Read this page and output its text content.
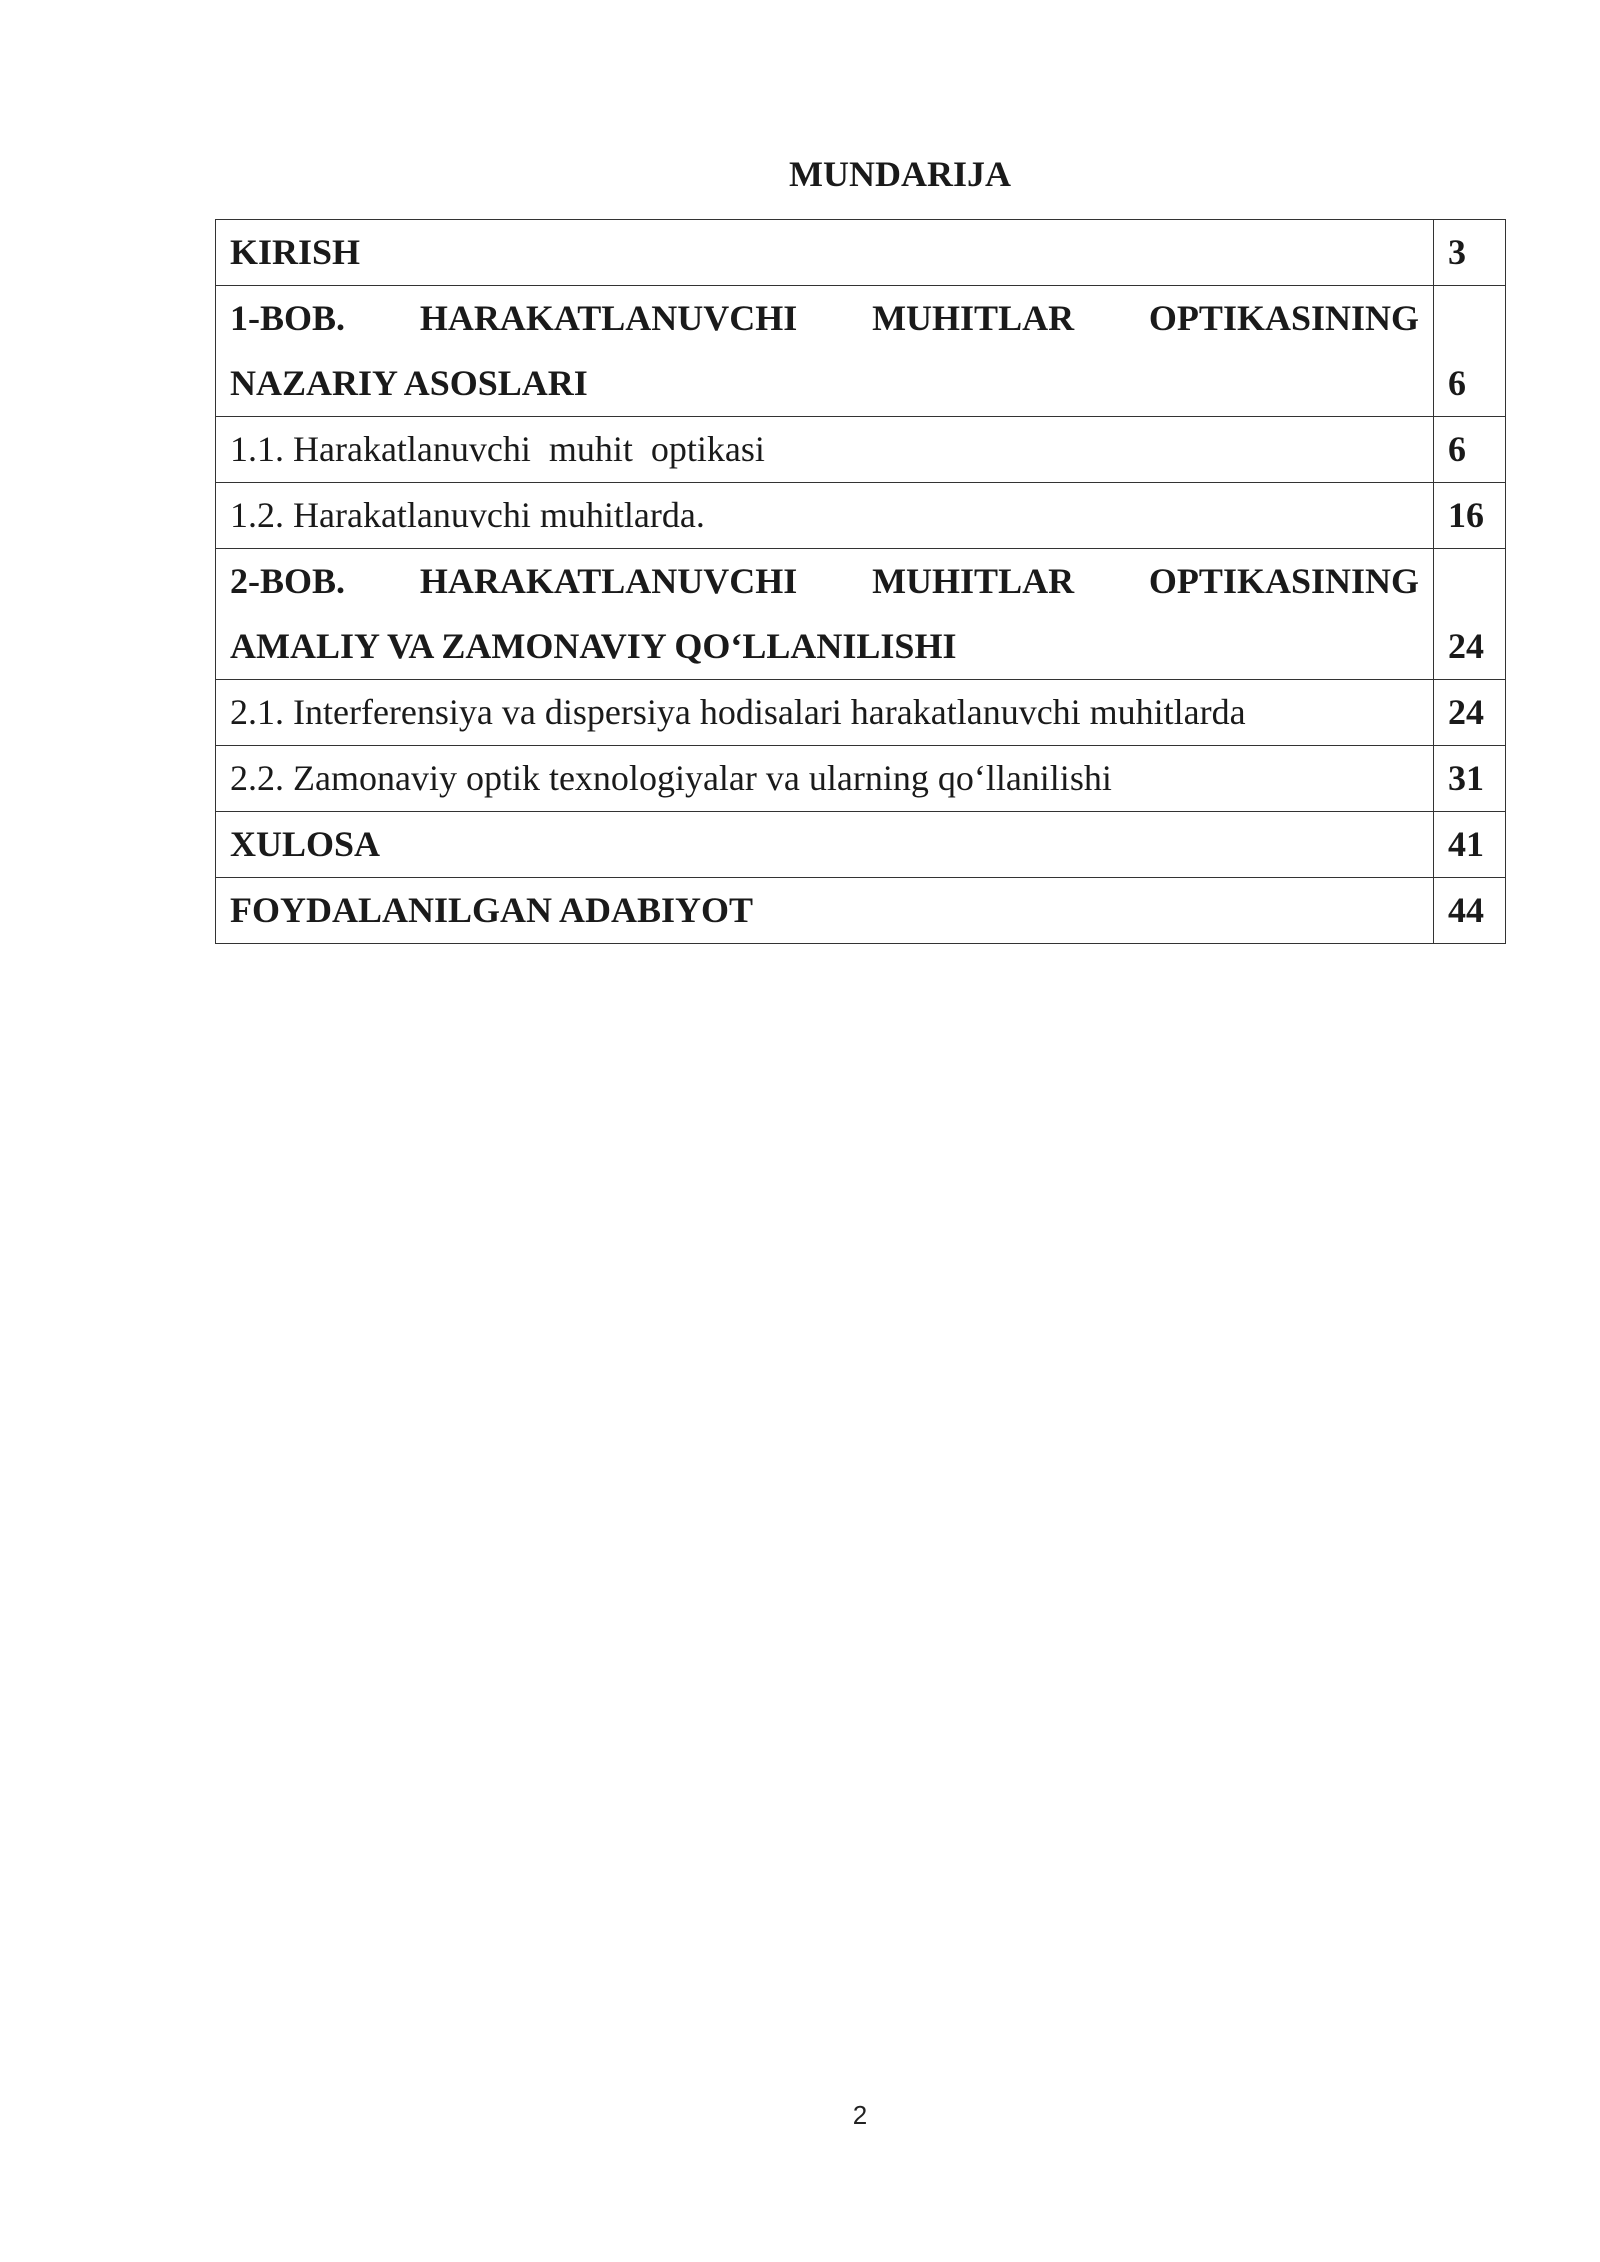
MUNDARIJA
KIRISH	3

1-BOB. HARAKATLANUVCHI MUHITLAR OPTIKASINING
NAZARIY ASOSLARI	6
1.1. Harakatlanuvchi  muhit  optikasi	6
1.2. Harakatlanuvchi muhitlarda.	16

2-BOB. HARAKATLANUVCHI MUHITLAR OPTIKASINING
AMALIY VA ZAMONAVIY QO‘LLANILISHI	24
2.1. Interferensiya va dispersiya hodisalari harakatlanuvchi muhitlarda	24
2.2. Zamonaviy optik texnologiyalar va ularning qo‘llanilishi	31
XULOSA	41
FOYDALANILGAN ADABIYOT	44
2
